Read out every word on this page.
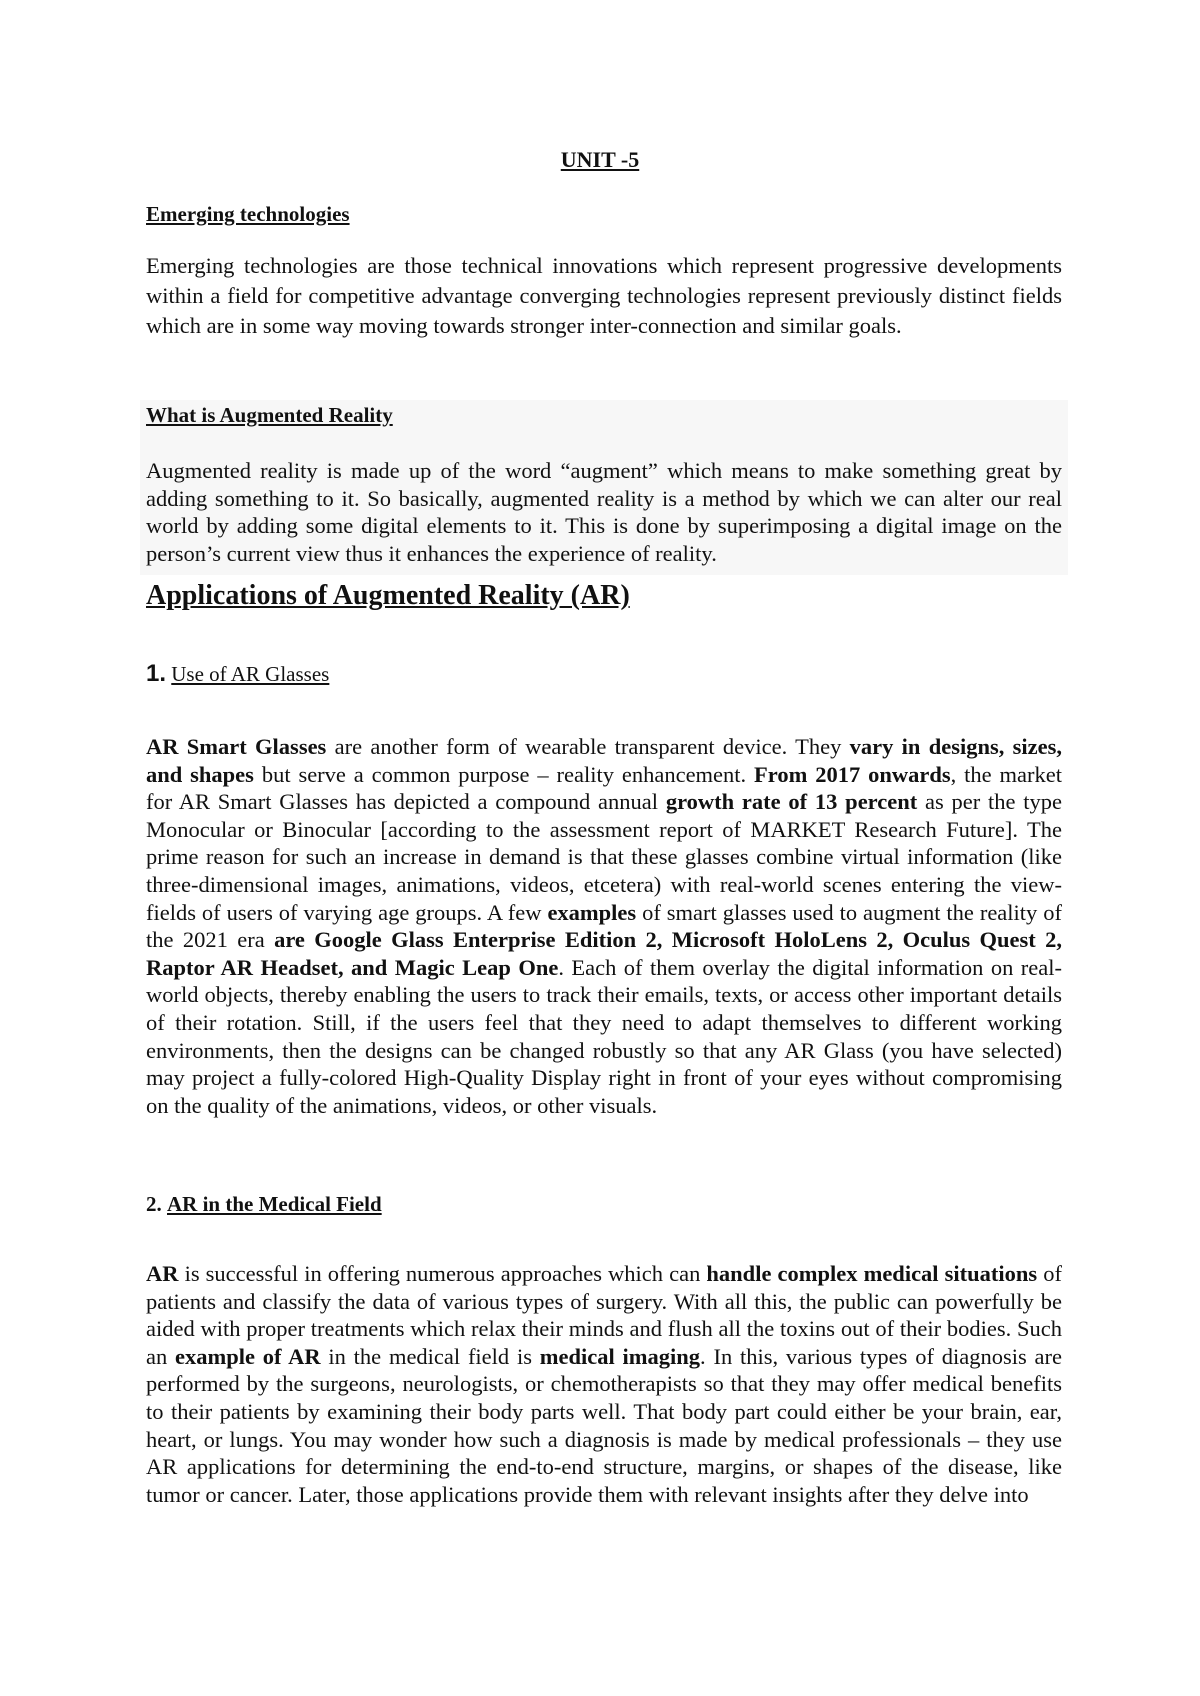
UNIT -5
Emerging technologies

Emerging technologies are those technical innovations which represent progressive developments within a field for competitive advantage converging technologies represent previously distinct fields which are in some way moving towards stronger inter-connection and similar goals.

What is Augmented Reality

Augmented reality is made up of the word “augment” which means to make something great by adding something to it. So basically, augmented reality is a method by which we can alter our real world by adding some digital elements to it. This is done by superimposing a digital image on the person’s current view thus it enhances the experience of reality.

Applications of Augmented Reality (AR)
1. Use of AR Glasses

AR Smart Glasses are another form of wearable transparent device. They vary in designs, sizes, and shapes but serve a common purpose – reality enhancement. From 2017 onwards, the market for AR Smart Glasses has depicted a compound annual growth rate of 13 percent as per the type Monocular or Binocular [according to the assessment report of MARKET Research Future]. The prime reason for such an increase in demand is that these glasses combine virtual information (like three-dimensional images, animations, videos, etcetera) with real-world scenes entering the view-fields of users of varying age groups. A few examples of smart glasses used to augment the reality of the 2021 era are Google Glass Enterprise Edition 2, Microsoft HoloLens 2, Oculus Quest 2, Raptor AR Headset, and Magic Leap One. Each of them overlay the digital information on real-world objects, thereby enabling the users to track their emails, texts, or access other important details of their rotation. Still, if the users feel that they need to adapt themselves to different working environments, then the designs can be changed robustly so that any AR Glass (you have selected) may project a fully-colored High-Quality Display right in front of your eyes without compromising on the quality of the animations, videos, or other visuals.

2. AR in the Medical Field

AR is successful in offering numerous approaches which can handle complex medical situations of patients and classify the data of various types of surgery. With all this, the public can powerfully be aided with proper treatments which relax their minds and flush all the toxins out of their bodies. Such an example of AR in the medical field is medical imaging. In this, various types of diagnosis are performed by the surgeons, neurologists, or chemotherapists so that they may offer medical benefits to their patients by examining their body parts well. That body part could either be your brain, ear, heart, or lungs. You may wonder how such a diagnosis is made by medical professionals – they use AR applications for determining the end-to-end structure, margins, or shapes of the disease, like tumor or cancer. Later, those applications provide them with relevant insights after they delve into
